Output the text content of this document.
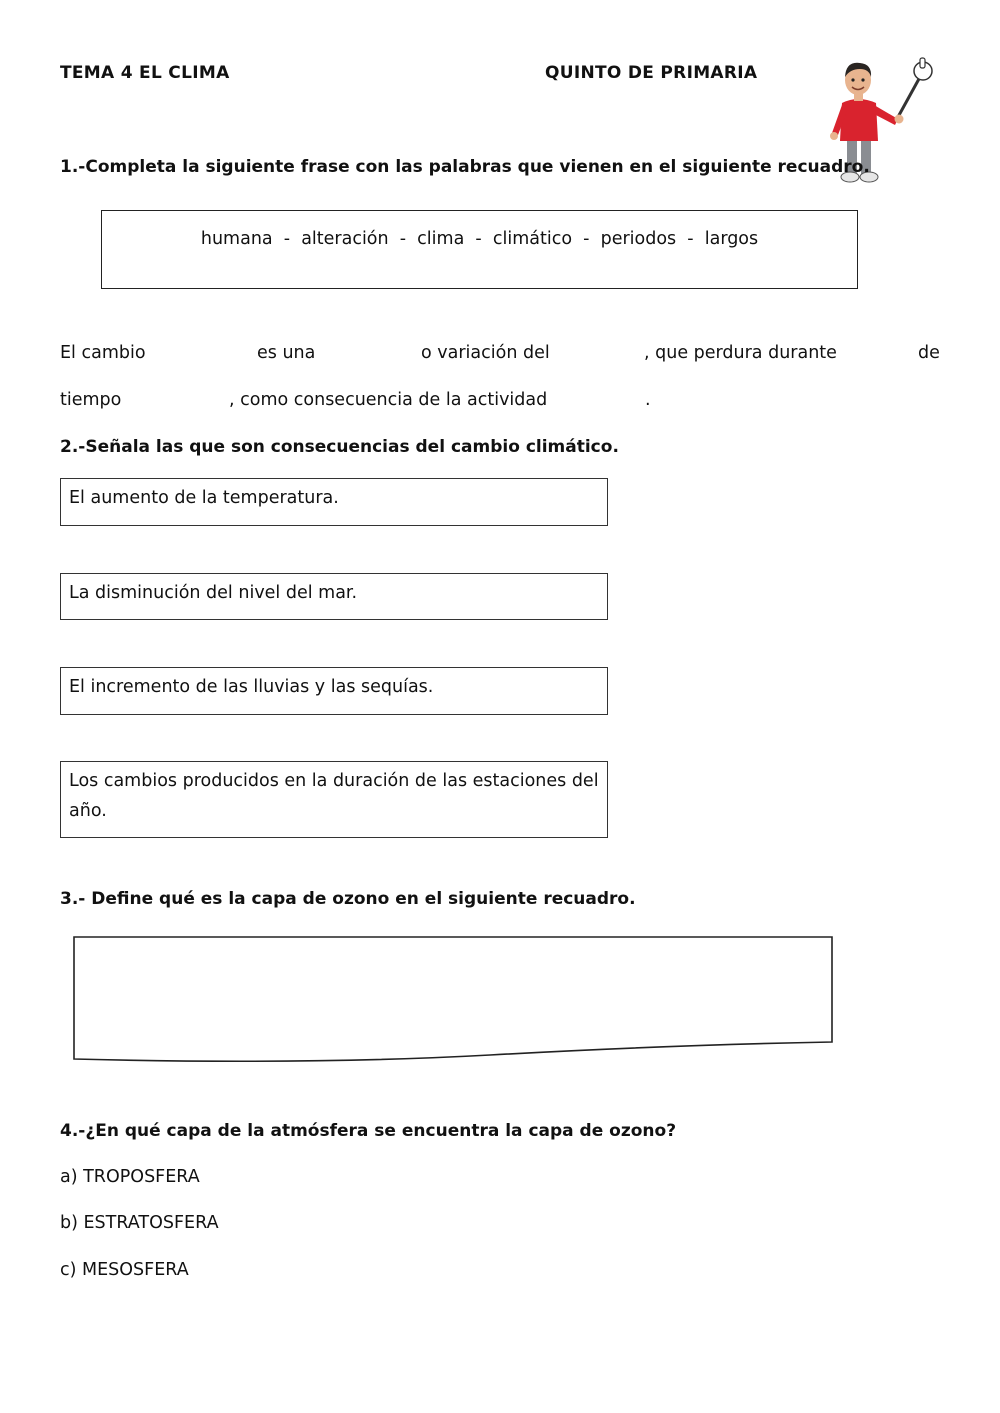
TEMA 4 EL CLIMA	QUINTO DE PRIMARIA
1.-Completa la siguiente frase con las palabras que vienen en el siguiente recuadro.
humana  -  alteración  -  clima  -  climático  -  periodos  -  largos
El cambio	es una	o variación del	, que perdura durante	de
tiempo	, como consecuencia de la actividad	.
2.-Señala las que son consecuencias del cambio climático.
El aumento de la temperatura.
La disminución del nivel del mar.
El incremento de las lluvias y las sequías.
Los cambios producidos en la duración de las estaciones del año.
3.- Define qué es la capa de ozono en el siguiente recuadro.
4.-¿En qué capa de la atmósfera se encuentra la capa de ozono?
a) TROPOSFERA
b) ESTRATOSFERA
c) MESOSFERA
